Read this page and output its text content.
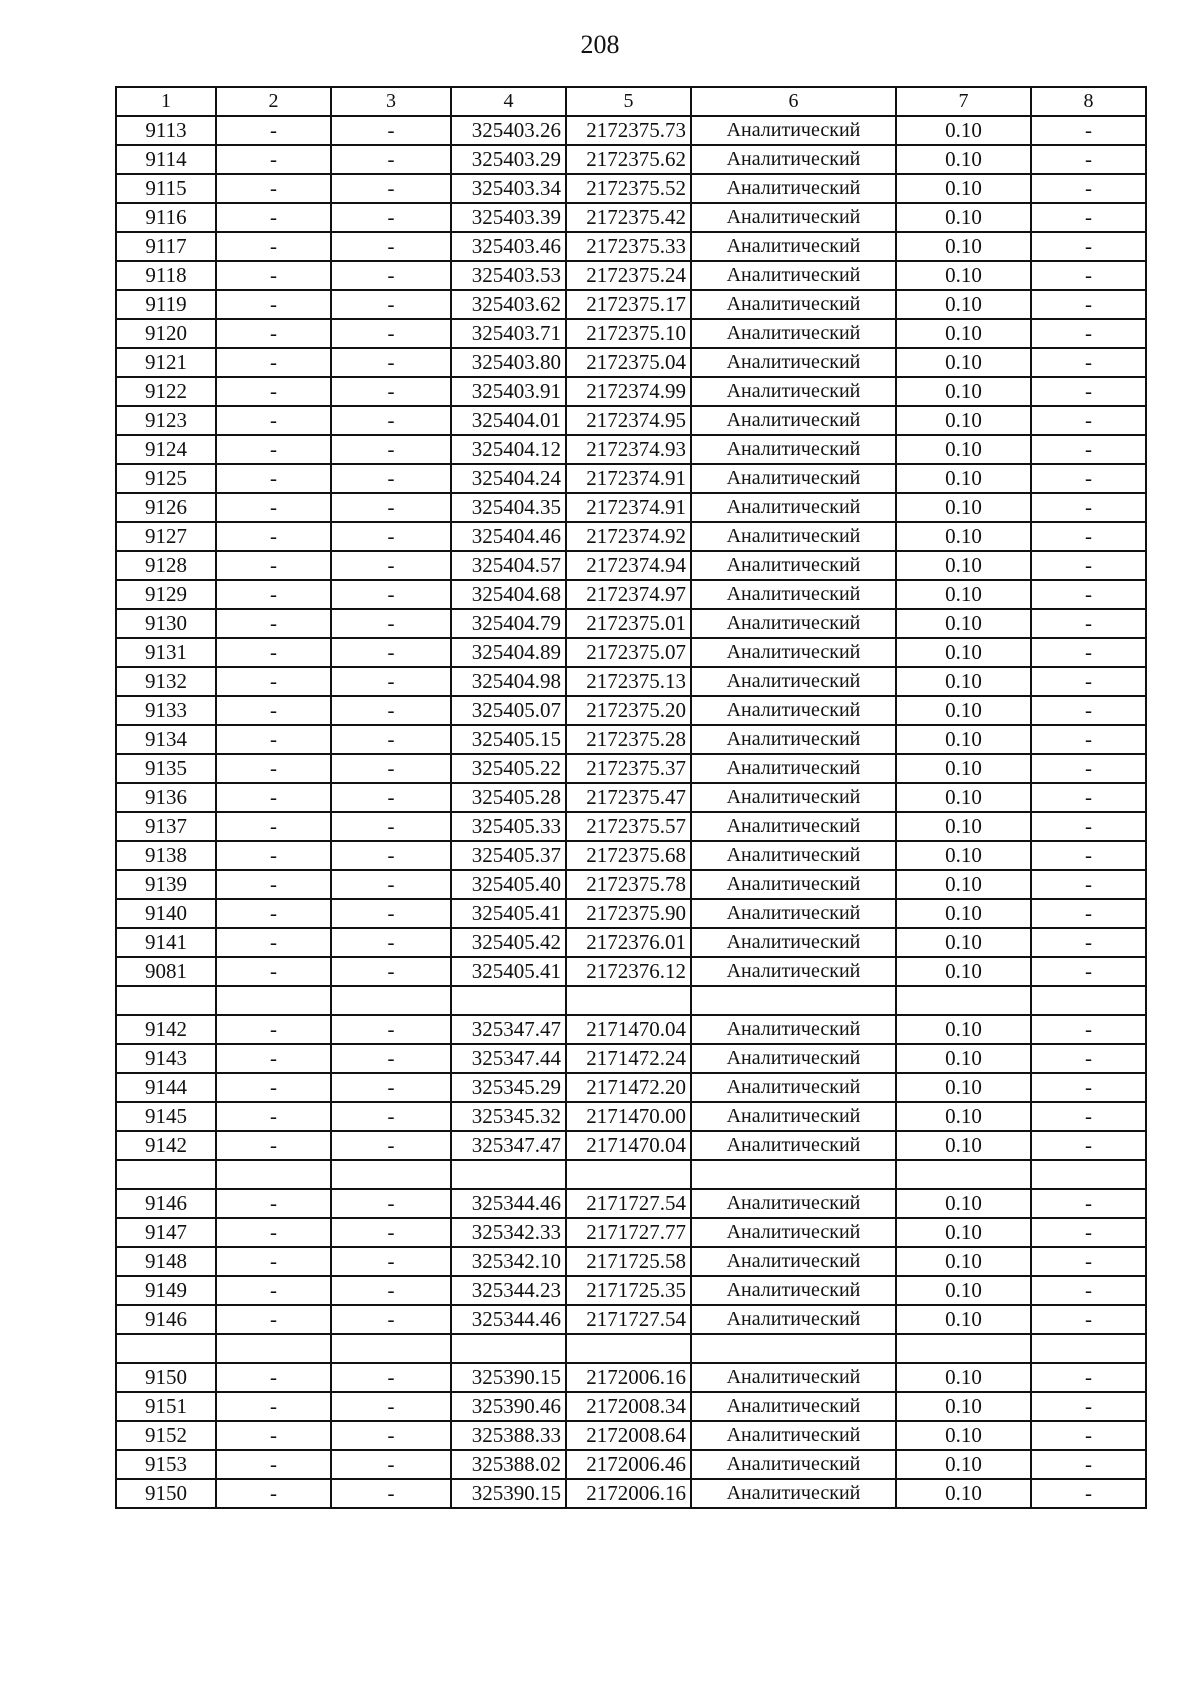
208
1	2	3	4	5	6	7	8
9113	-	-	325403.26	2172375.73	Аналитический	0.10	-
9114	-	-	325403.29	2172375.62	Аналитический	0.10	-
9115	-	-	325403.34	2172375.52	Аналитический	0.10	-
9116	-	-	325403.39	2172375.42	Аналитический	0.10	-
9117	-	-	325403.46	2172375.33	Аналитический	0.10	-
9118	-	-	325403.53	2172375.24	Аналитический	0.10	-
9119	-	-	325403.62	2172375.17	Аналитический	0.10	-
9120	-	-	325403.71	2172375.10	Аналитический	0.10	-
9121	-	-	325403.80	2172375.04	Аналитический	0.10	-
9122	-	-	325403.91	2172374.99	Аналитический	0.10	-
9123	-	-	325404.01	2172374.95	Аналитический	0.10	-
9124	-	-	325404.12	2172374.93	Аналитический	0.10	-
9125	-	-	325404.24	2172374.91	Аналитический	0.10	-
9126	-	-	325404.35	2172374.91	Аналитический	0.10	-
9127	-	-	325404.46	2172374.92	Аналитический	0.10	-
9128	-	-	325404.57	2172374.94	Аналитический	0.10	-
9129	-	-	325404.68	2172374.97	Аналитический	0.10	-
9130	-	-	325404.79	2172375.01	Аналитический	0.10	-
9131	-	-	325404.89	2172375.07	Аналитический	0.10	-
9132	-	-	325404.98	2172375.13	Аналитический	0.10	-
9133	-	-	325405.07	2172375.20	Аналитический	0.10	-
9134	-	-	325405.15	2172375.28	Аналитический	0.10	-
9135	-	-	325405.22	2172375.37	Аналитический	0.10	-
9136	-	-	325405.28	2172375.47	Аналитический	0.10	-
9137	-	-	325405.33	2172375.57	Аналитический	0.10	-
9138	-	-	325405.37	2172375.68	Аналитический	0.10	-
9139	-	-	325405.40	2172375.78	Аналитический	0.10	-
9140	-	-	325405.41	2172375.90	Аналитический	0.10	-
9141	-	-	325405.42	2172376.01	Аналитический	0.10	-
9081	-	-	325405.41	2172376.12	Аналитический	0.10	-

9142	-	-	325347.47	2171470.04	Аналитический	0.10	-
9143	-	-	325347.44	2171472.24	Аналитический	0.10	-
9144	-	-	325345.29	2171472.20	Аналитический	0.10	-
9145	-	-	325345.32	2171470.00	Аналитический	0.10	-
9142	-	-	325347.47	2171470.04	Аналитический	0.10	-

9146	-	-	325344.46	2171727.54	Аналитический	0.10	-
9147	-	-	325342.33	2171727.77	Аналитический	0.10	-
9148	-	-	325342.10	2171725.58	Аналитический	0.10	-
9149	-	-	325344.23	2171725.35	Аналитический	0.10	-
9146	-	-	325344.46	2171727.54	Аналитический	0.10	-

9150	-	-	325390.15	2172006.16	Аналитический	0.10	-
9151	-	-	325390.46	2172008.34	Аналитический	0.10	-
9152	-	-	325388.33	2172008.64	Аналитический	0.10	-
9153	-	-	325388.02	2172006.46	Аналитический	0.10	-
9150	-	-	325390.15	2172006.16	Аналитический	0.10	-
